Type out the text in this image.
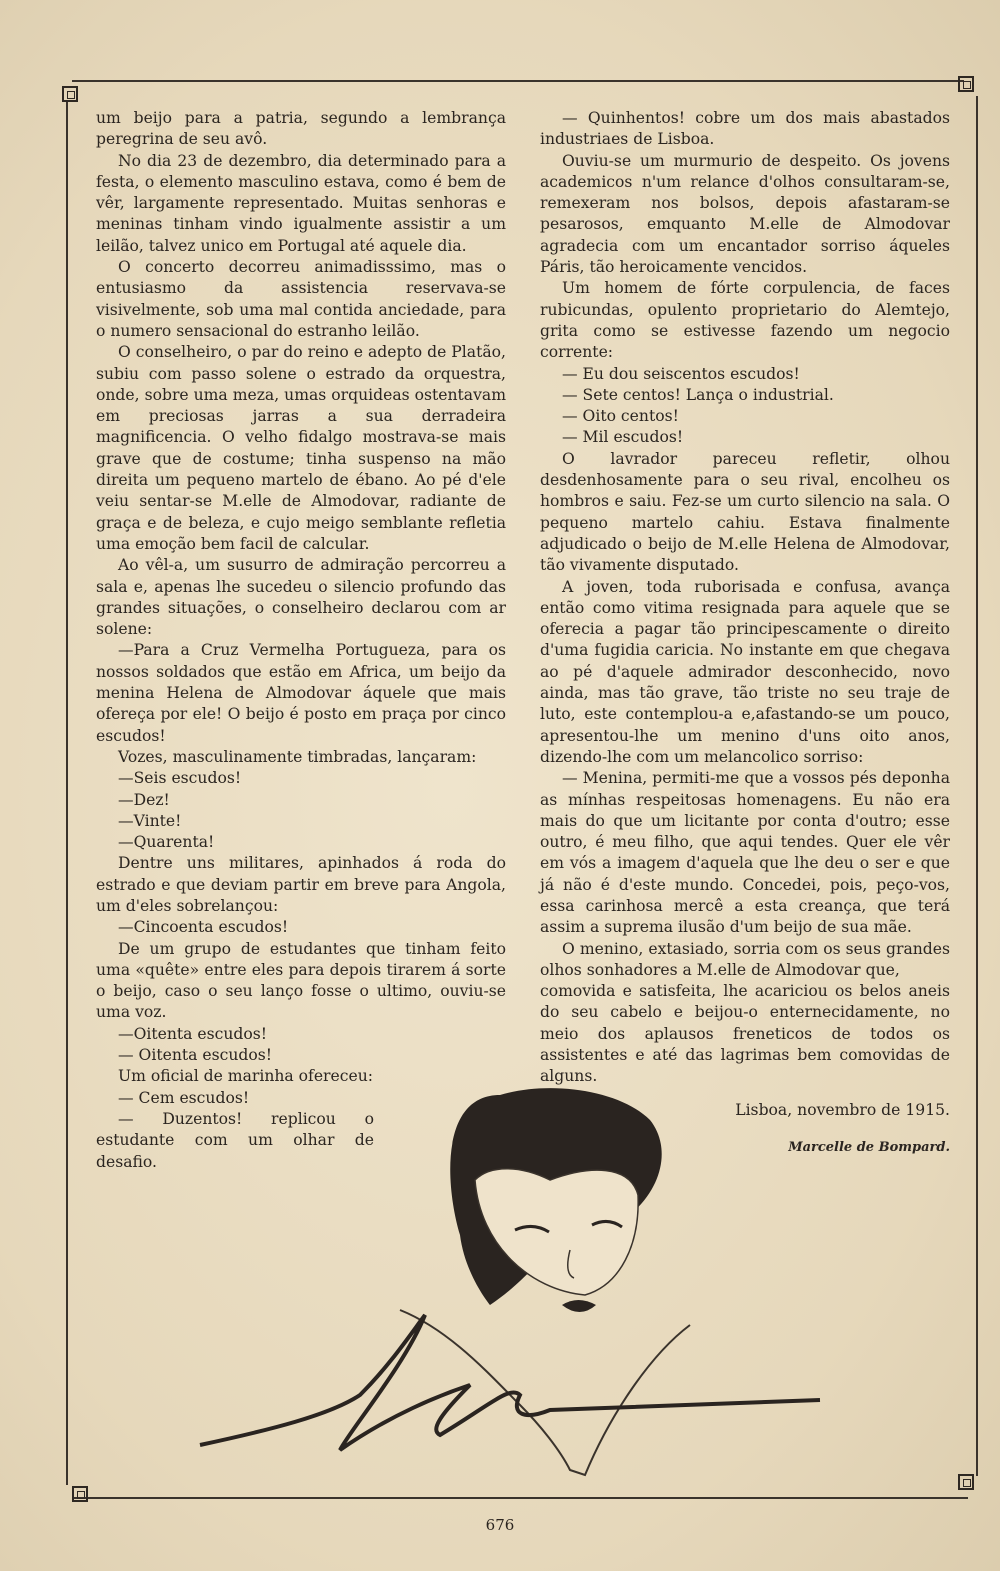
um beijo para a patria, segundo a lembrança peregrina de seu avô.

No dia 23 de dezembro, dia determinado para a festa, o elemento masculino estava, como é bem de vêr, largamente representado. Muitas senhoras e meninas tinham vindo igualmente assistir a um leilão, talvez unico em Portugal até aquele dia.

O concerto decorreu animadisssimo, mas o entusiasmo da assistencia reservava-se visivelmente, sob uma mal contida anciedade, para o numero sensacional do estranho leilão.

O conselheiro, o par do reino e adepto de Platão, subiu com passo solene o estrado da orquestra, onde, sobre uma meza, umas orquideas ostentavam em preciosas jarras a sua derradeira magnificencia. O velho fidalgo mostrava-se mais grave que de costume; tinha suspenso na mão direita um pequeno martelo de ébano. Ao pé d'ele veiu sentar-se M.elle de Almodovar, radiante de graça e de beleza, e cujo meigo semblante refletia uma emoção bem facil de calcular.

Ao vêl-a, um susurro de admiração percorreu a sala e, apenas lhe sucedeu o silencio profundo das grandes situações, o conselheiro declarou com ar solene:

—Para a Cruz Vermelha Portugueza, para os nossos soldados que estão em Africa, um beijo da menina Helena de Almodovar áquele que mais ofereça por ele! O beijo é posto em praça por cinco escudos!

Vozes, masculinamente timbradas, lançaram:

—Seis escudos!

—Dez!

—Vinte!

—Quarenta!

Dentre uns militares, apinhados á roda do estrado e que deviam partir em breve para Angola, um d'eles sobrelançou:

—Cincoenta escudos!

De um grupo de estudantes que tinham feito uma «quête» entre eles para depois tirarem á sorte o beijo, caso o seu lanço fosse o ultimo, ouviu-se uma voz.

—Oitenta escudos!

— Oitenta escudos!

Um oficial de marinha ofereceu:

— Cem escudos!

— Duzentos! replicou o estudante com um olhar de desafio.

— Quinhentos! cobre um dos mais abastados industriaes de Lisboa.

Ouviu-se um murmurio de despeito. Os jovens academicos n'um relance d'olhos consultaram-se, remexeram nos bolsos, depois afastaram-se pesarosos, emquanto M.elle de Almodovar agradecia com um encantador sorriso áqueles Páris, tão heroicamente vencidos.

Um homem de fórte corpulencia, de faces rubicundas, opulento proprietario do Alemtejo, grita como se estivesse fazendo um negocio corrente:

— Eu dou seiscentos escudos!

— Sete centos! Lança o industrial.

— Oito centos!

— Mil escudos!

O lavrador pareceu refletir, olhou desdenhosamente para o seu rival, encolheu os hombros e saiu. Fez-se um curto silencio na sala. O pequeno martelo cahiu. Estava finalmente adjudicado o beijo de M.elle Helena de Almodovar, tão vivamente disputado.

A joven, toda ruborisada e confusa, avança então como vitima resignada para aquele que se oferecia a pagar tão principescamente o direito d'uma fugidia caricia. No instante em que chegava ao pé d'aquele admirador desconhecido, novo ainda, mas tão grave, tão triste no seu traje de luto, este contemplou-a e,afastando-se um pouco, apresentou-lhe um menino d'uns oito anos, dizendo-lhe com um melancolico sorriso:

— Menina, permiti-me que a vossos pés deponha as mínhas respeitosas homenagens. Eu não era mais do que um licitante por conta d'outro; esse outro, é meu filho, que aqui tendes. Quer ele vêr em vós a imagem d'aquela que lhe deu o ser e que já não é d'este mundo. Concedei, pois, peço-vos, essa carinhosa mercê a esta creança, que terá assim a suprema ilusão d'um beijo de sua mãe.

O menino, extasiado, sorria com os seus grandes olhos sonhadores a M.elle de Almodovar que,

comovida e satisfeita, lhe acariciou os belos aneis do seu cabelo e beijou-o enternecidamente, no meio dos aplausos freneticos de todos os assistentes e até das lagrimas bem comovidas de alguns.

Lisboa, novembro de 1915.

Marcelle de Bompard.

676
